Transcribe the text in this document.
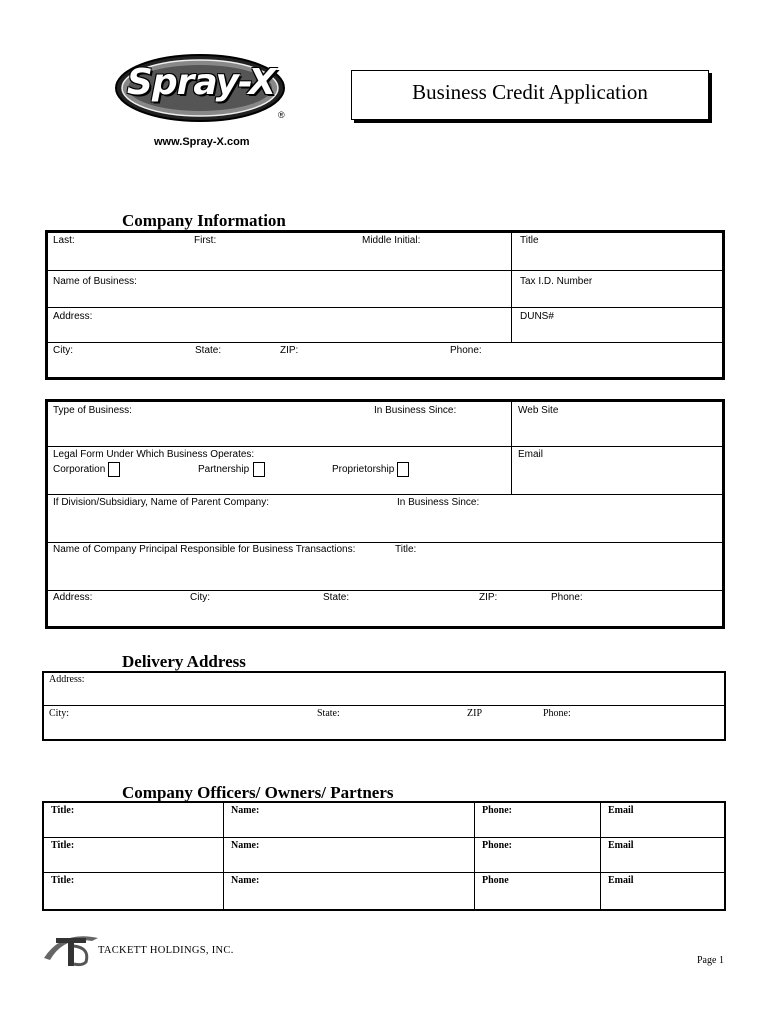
Spray-X
®
www.Spray-X.com
Business Credit Application
Company Information
Last:	First:	Middle Initial:	Title
Name of Business:	Tax I.D. Number
Address:	DUNS#
City:	State:	ZIP:	Phone:
Type of Business:	In Business Since:	Web Site
Legal Form Under Which Business Operates:	Email
Corporation	Partnership	Proprietorship
If Division/Subsidiary, Name of Parent Company:	In Business Since:
Name of Company Principal Responsible for Business Transactions:	Title:
Address:	City:	State:	ZIP:	Phone:
Delivery Address
Address:
City:	State:	ZIP	Phone:
Company Officers/ Owners/ Partners
Title:	Name:	Phone:	Email
Title:	Name:	Phone:	Email
Title:	Name:	Phone	Email
TACKETT HOLDINGS, INC.
Page 1
